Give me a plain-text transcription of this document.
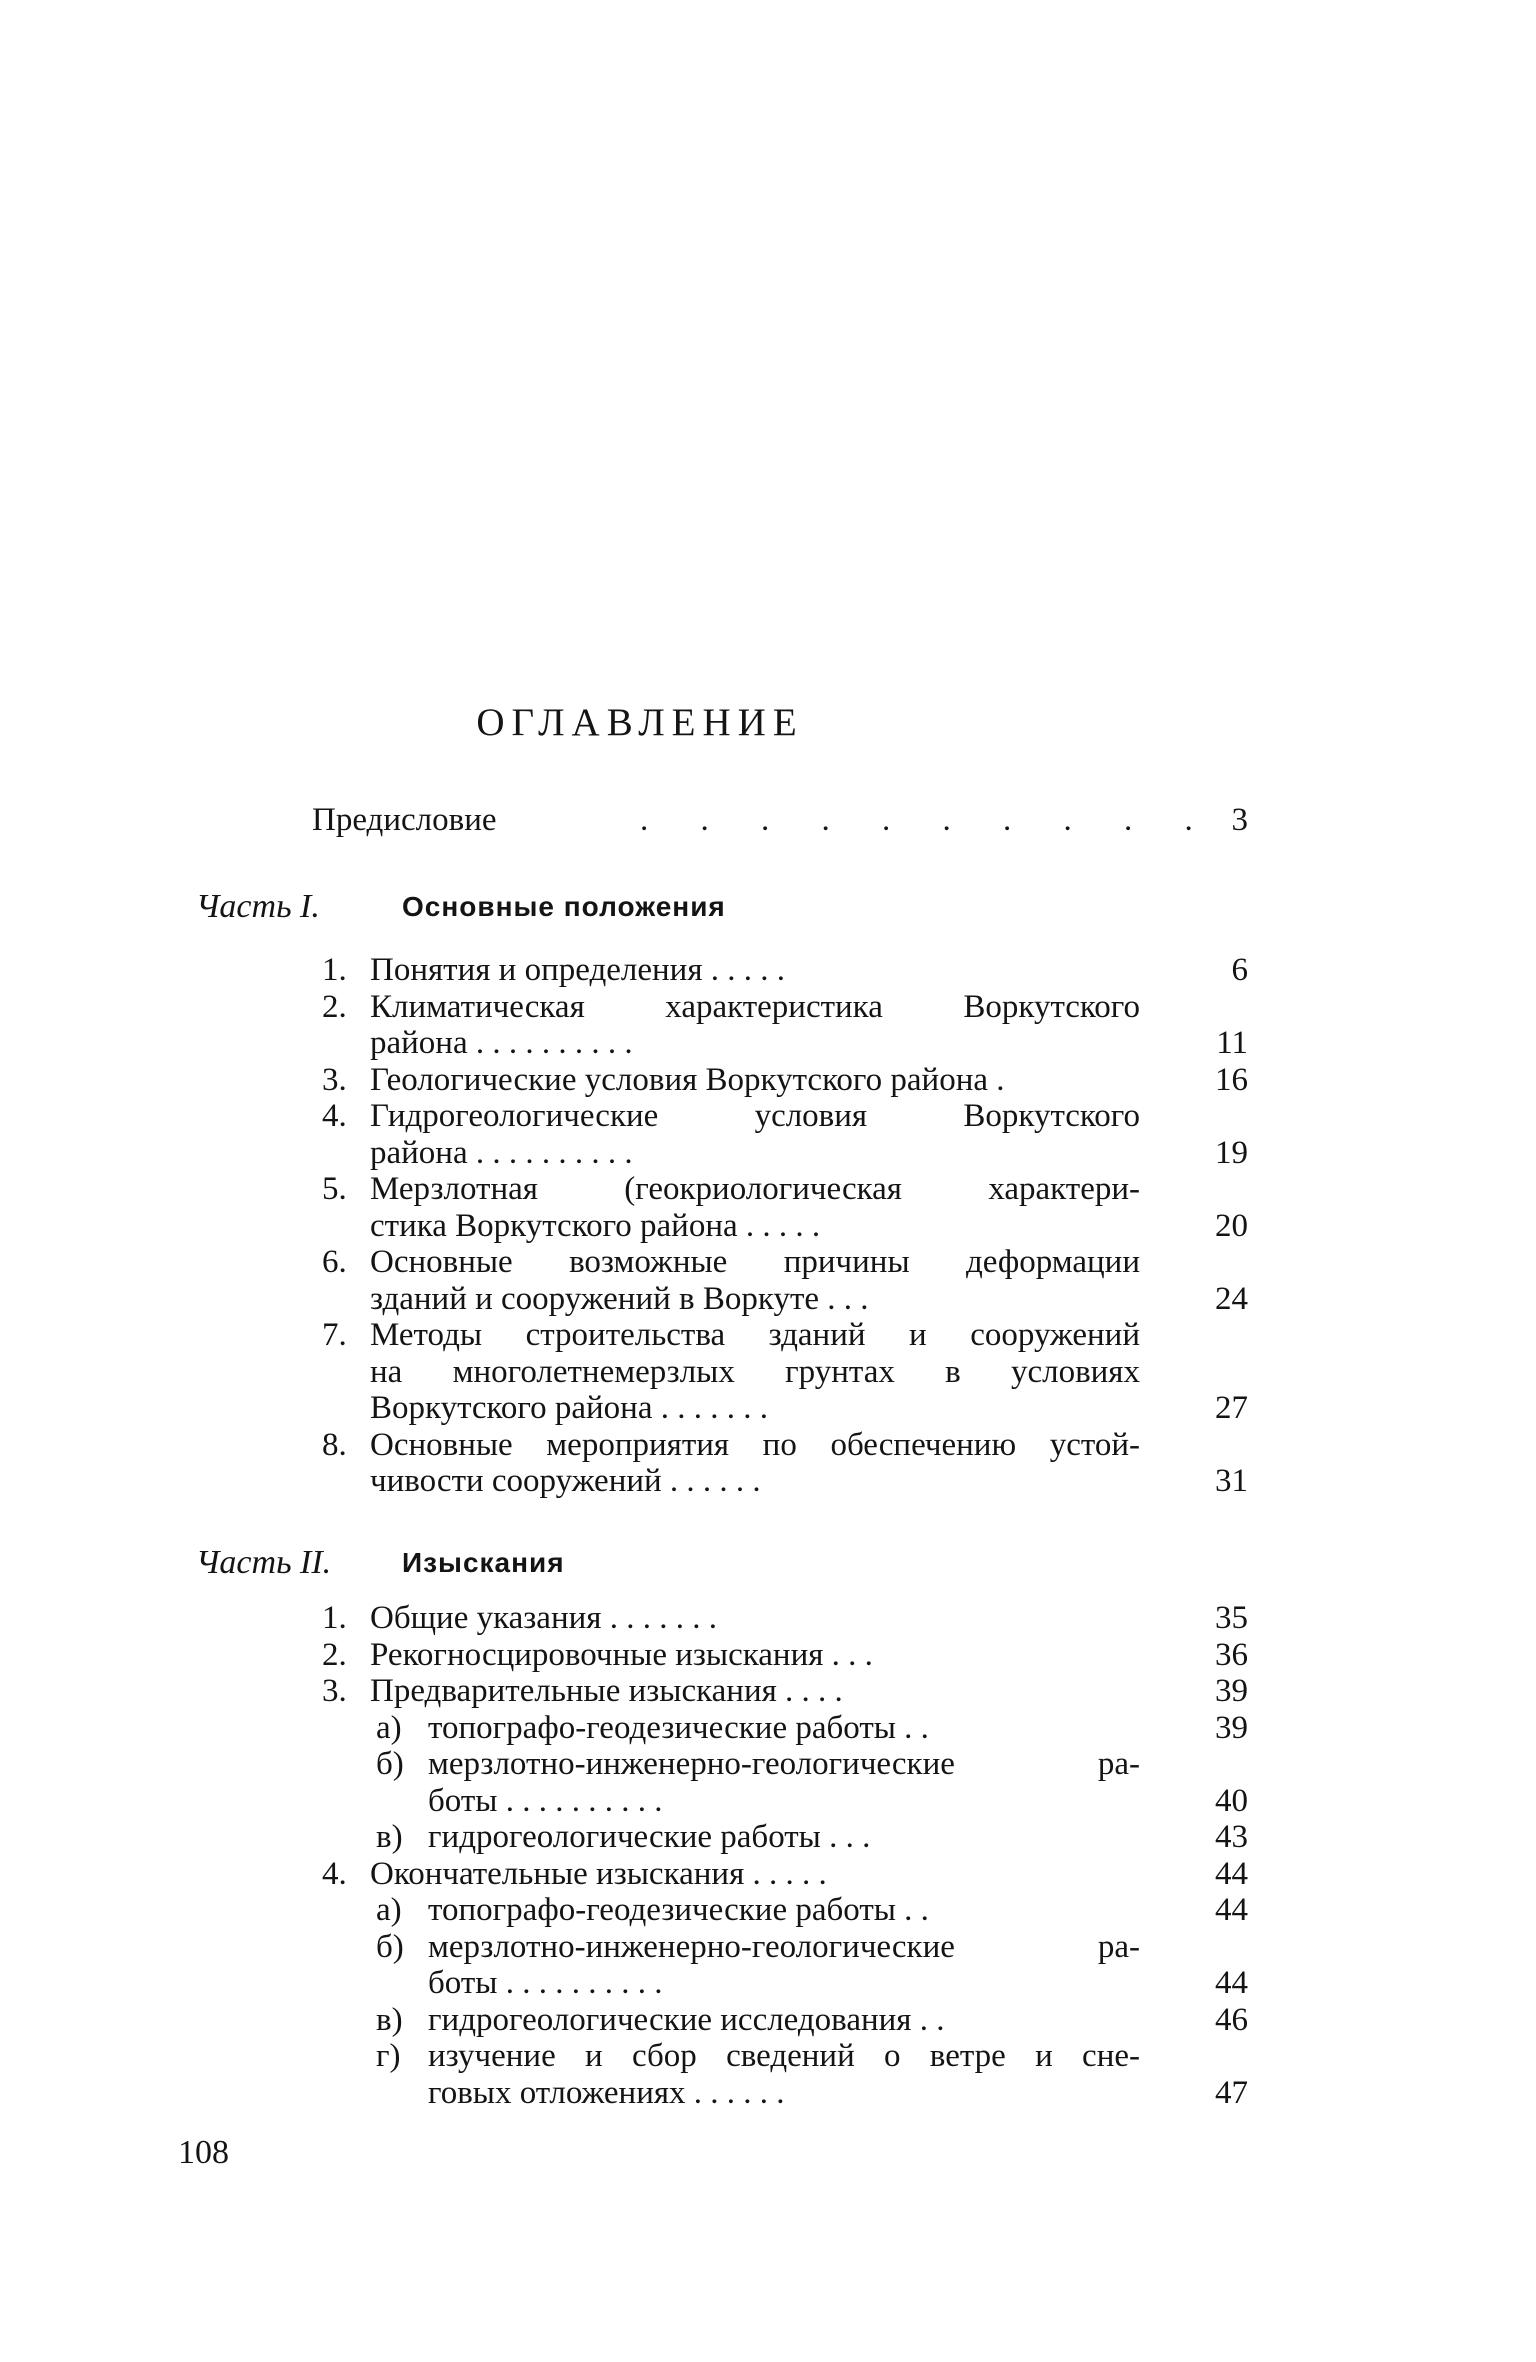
ОГЛАВЛЕНИЕ
Предисловие	. . . . . . . . . . 3
Часть I.	Основные положения
1. Понятия и определения . . . . .	6
2. Климатическая характеристика Воркутского
района . . . . . . . . . .	11
3. Геологические условия Воркутского района .	16
4. Гидрогеологические условия Воркутского
района . . . . . . . . . .	19
5. Мерзлотная (геокриологическая характери-
стика Воркутского района . . . . .	20
6. Основные возможные причины деформации
зданий и сооружений в Воркуте . . .	24
7. Методы строительства зданий и сооружений
на многолетнемерзлых грунтах в условиях
Воркутского района . . . . . . .	27
8. Основные мероприятия по обеспечению устой-
чивости сооружений . . . . . .	31
Часть II.	Изыскания
1. Общие указания . . . . . . .	35
2. Рекогносцировочные изыскания . . .	36
3. Предварительные изыскания . . . .	39
а) топографо-геодезические работы . .	39
б) мерзлотно-инженерно-геологические ра-
боты . . . . . . . . . .	40
в) гидрогеологические работы . . .	43
4. Окончательные изыскания . . . . .	44
а) топографо-геодезические работы . .	44
б) мерзлотно-инженерно-геологические ра-
боты . . . . . . . . . .	44
в) гидрогеологические исследования . .	46
г) изучение и сбор сведений о ветре и сне-
говых отложениях . . . . . .	47
108
